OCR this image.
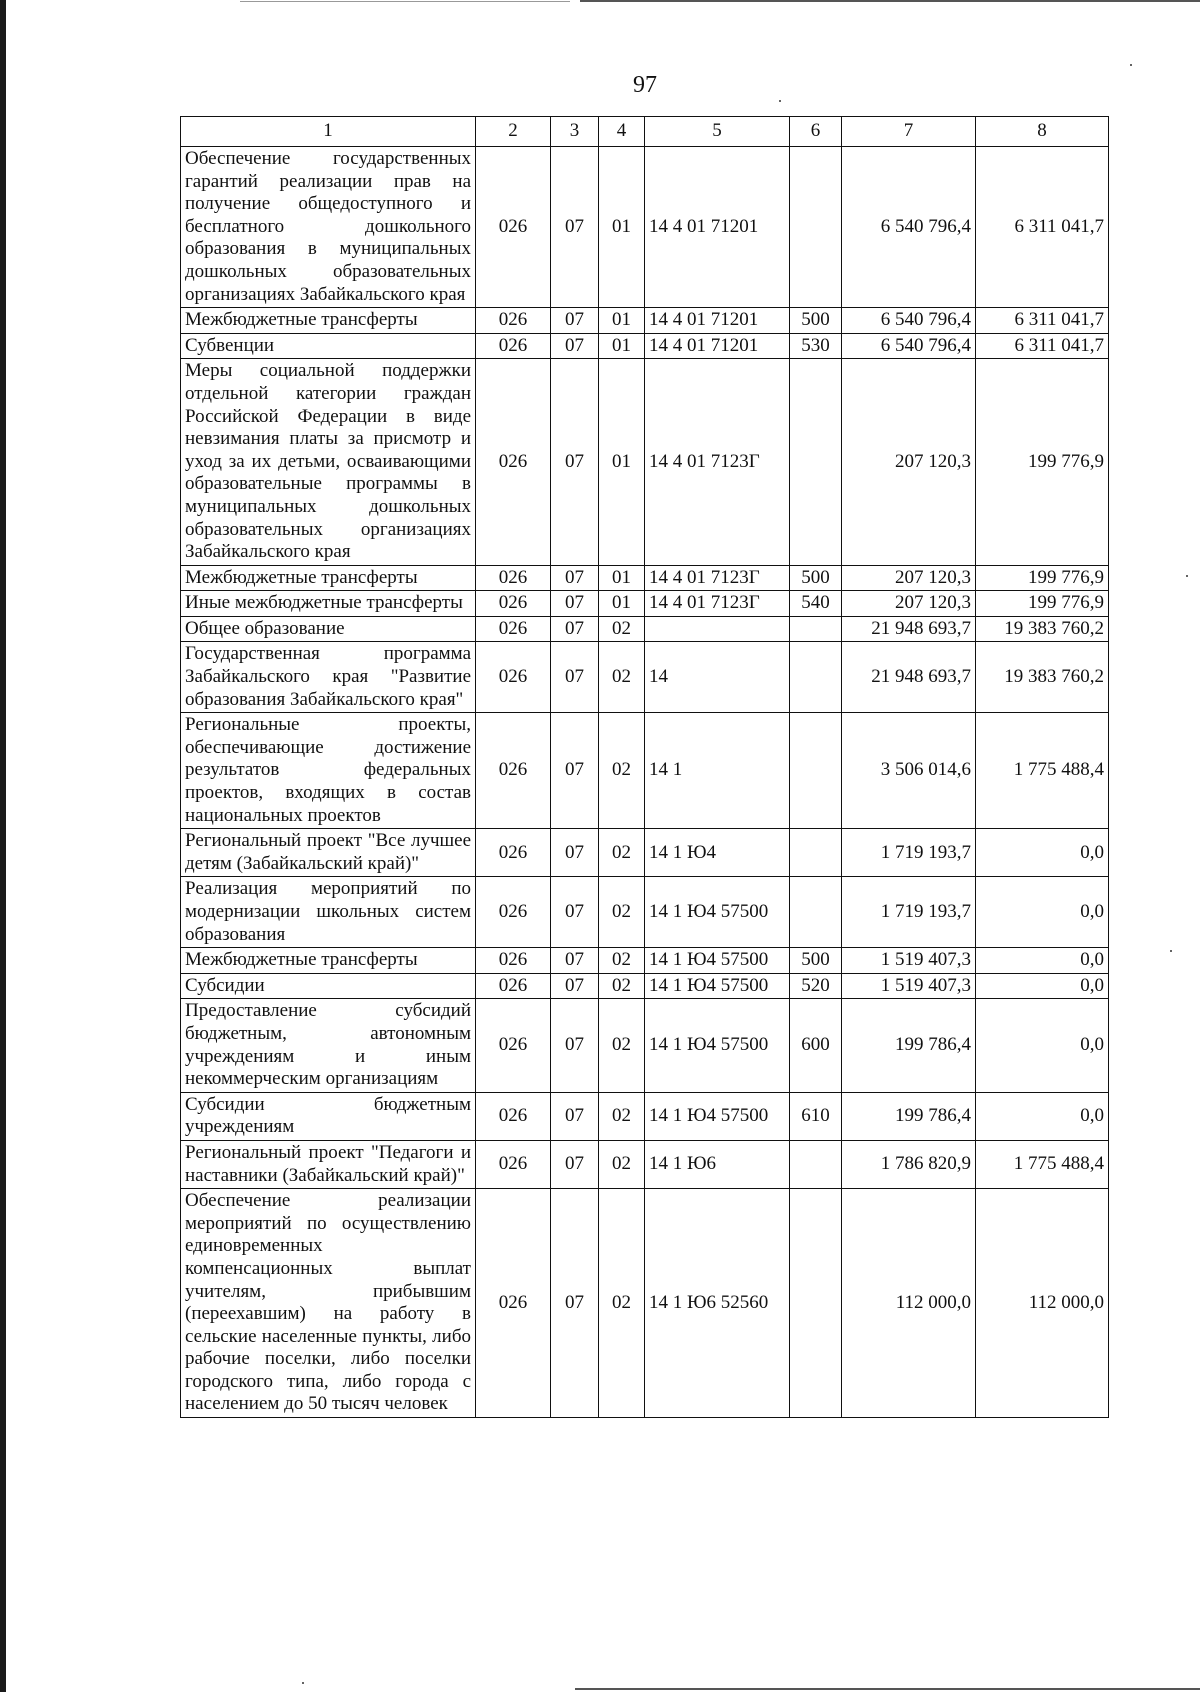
97
1	2	3	4	5	6	7	8
Обеспечение государственных гарантий реализации прав на получение общедоступного и бесплатного дошкольного образования в муниципальных дошкольных образовательных организациях Забайкальского края	026	07	01	14 4 01 71201		6 540 796,4	6 311 041,7
Межбюджетные трансферты	026	07	01	14 4 01 71201	500	6 540 796,4	6 311 041,7
Субвенции	026	07	01	14 4 01 71201	530	6 540 796,4	6 311 041,7
Меры социальной поддержки отдельной категории граждан Российской Федерации в виде невзимания платы за присмотр и уход за их детьми, осваивающими образовательные программы в муниципальных дошкольных образовательных организациях Забайкальского края	026	07	01	14 4 01 7123Г		207 120,3	199 776,9
Межбюджетные трансферты	026	07	01	14 4 01 7123Г	500	207 120,3	199 776,9
Иные межбюджетные трансферты	026	07	01	14 4 01 7123Г	540	207 120,3	199 776,9
Общее образование	026	07	02			21 948 693,7	19 383 760,2
Государственная программа Забайкальского края "Развитие образования Забайкальского края"	026	07	02	14		21 948 693,7	19 383 760,2
Региональные проекты, обеспечивающие достижение результатов федеральных проектов, входящих в состав национальных проектов	026	07	02	14 1		3 506 014,6	1 775 488,4
Региональный проект "Все лучшее детям (Забайкальский край)"	026	07	02	14 1 Ю4		1 719 193,7	0,0
Реализация мероприятий по модернизации школьных систем образования	026	07	02	14 1 Ю4 57500		1 719 193,7	0,0
Межбюджетные трансферты	026	07	02	14 1 Ю4 57500	500	1 519 407,3	0,0
Субсидии	026	07	02	14 1 Ю4 57500	520	1 519 407,3	0,0
Предоставление субсидий бюджетным, автономным учреждениям и иным некоммерческим организациям	026	07	02	14 1 Ю4 57500	600	199 786,4	0,0
Субсидии бюджетным учреждениям	026	07	02	14 1 Ю4 57500	610	199 786,4	0,0
Региональный проект "Педагоги и наставники (Забайкальский край)"	026	07	02	14 1 Ю6		1 786 820,9	1 775 488,4
Обеспечение реализации мероприятий по осуществлению единовременных компенсационных выплат учителям, прибывшим (переехавшим) на работу в сельские населенные пункты, либо рабочие поселки, либо поселки городского типа, либо города с населением до 50 тысяч человек	026	07	02	14 1 Ю6 52560		112 000,0	112 000,0
